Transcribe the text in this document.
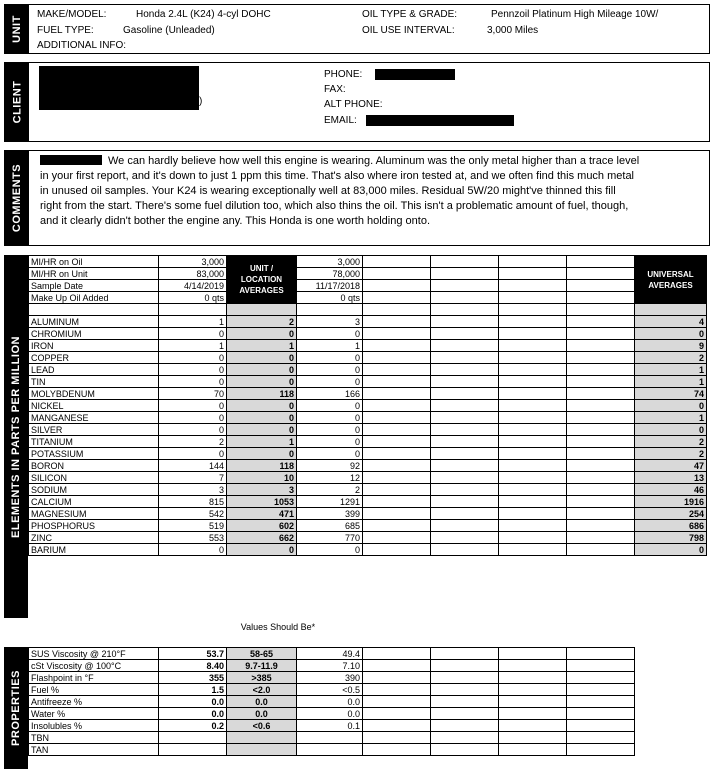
UNIT
MAKE/MODEL:	Honda 2.4L (K24) 4-cyl DOHC
FUEL TYPE:	Gasoline (Unleaded)
ADDITIONAL INFO:
OIL TYPE & GRADE:	Pennzoil Platinum High Mileage 10W/
OIL USE INTERVAL:	3,000 Miles
CLIENT	)
PHONE:
FAX:
ALT PHONE:
EMAIL:
COMMENTS
We can hardly believe how well this engine is wearing. Aluminum was the only metal higher than a trace level in your first report, and it's down to just 1 ppm this time. That's also where iron tested at, and we often find this much metal in unused oil samples. Your K24 is wearing exceptionally well at 83,000 miles. Residual 5W/20 might've thinned this fill right from the start. There's some fuel dilution too, which also thins the oil. This isn't a problematic amount of fuel, though, and it clearly didn't bother the engine any. This Honda is one worth holding onto.
ELEMENTS IN PARTS PER MILLION
MI/HR on Oil	3,000	UNIT / LOCATION AVERAGES	3,000					UNIVERSAL AVERAGES
MI/HR on Unit	83,000		78,000					
Sample Date	4/14/2019		11/17/2018					
Make Up Oil Added	0 qts		0 qts					

ALUMINUM	1	2	3					4
CHROMIUM	0	0	0					0
IRON	1	1	1					9
COPPER	0	0	0					2
LEAD	0	0	0					1
TIN	0	0	0					1
MOLYBDENUM	70	118	166					74
NICKEL	0	0	0					0
MANGANESE	0	0	0					1
SILVER	0	0	0					0
TITANIUM	2	1	0					2
POTASSIUM	0	0	0					2
BORON	144	118	92					47
SILICON	7	10	12					13
SODIUM	3	3	2					46
CALCIUM	815	1053	1291					1916
MAGNESIUM	542	471	399					254
PHOSPHORUS	519	602	685					686
ZINC	553	662	770					798
BARIUM	0	0	0					0
Values Should Be*
PROPERTIES
SUS Viscosity @ 210°F	53.7	58-65	49.4				
cSt Viscosity @ 100°C	8.40	9.7-11.9	7.10				
Flashpoint in °F	355	>385	390				
Fuel %	1.5	<2.0	<0.5				
Antifreeze %	0.0	0.0	0.0				
Water %	0.0	0.0	0.0				
Insolubles %	0.2	<0.6	0.1				
TBN							
TAN							
